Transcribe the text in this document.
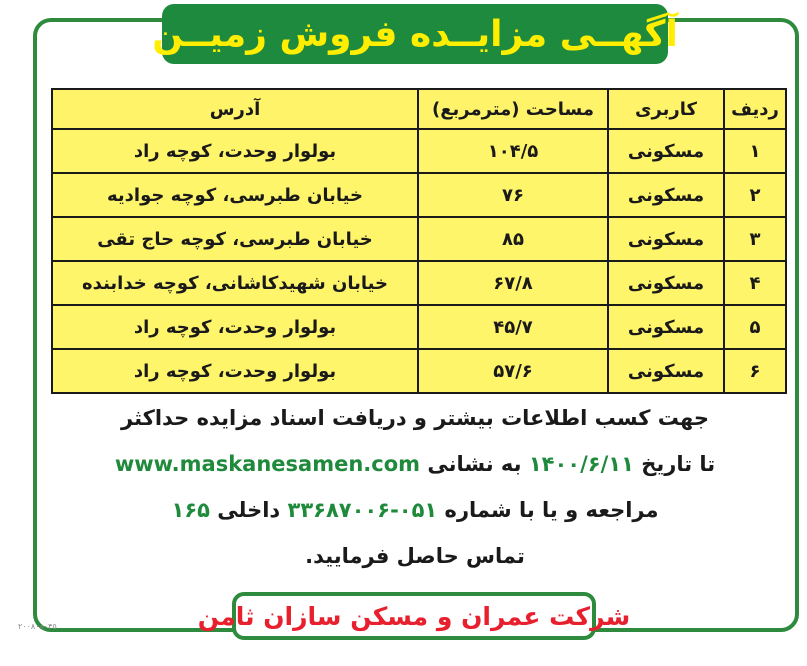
آگهــی مزایــده فروش زمیــن
ردیف	کاربری	مساحت (مترمربع)	آدرس
۱	مسکونی	۱۰۴/۵	بولوار وحدت، کوچه راد
۲	مسکونی	۷۶	خیابان طبرسی، کوچه جوادیه
۳	مسکونی	۸۵	خیابان طبرسی، کوچه حاج تقی
۴	مسکونی	۶۷/۸	خیابان شهیدکاشانی، کوچه خدابنده
۵	مسکونی	۴۵/۷	بولوار وحدت، کوچه راد
۶	مسکونی	۵۷/۶	بولوار وحدت، کوچه راد
جهت کسب اطلاعات بیشتر و دریافت اسناد مزایده حداکثر
تا تاریخ ۱۴۰۰/۶/۱۱ به نشانی www.maskanesamen.com
مراجعه و یا با شماره ۰۵۱-۳۳۶۸۷۰۰۶ داخلی ۱۶۵
تماس حاصل فرمایید.
شرکت عمران و مسکن سازان ثامن
۲۰۰۸۰۸۰۴۵
